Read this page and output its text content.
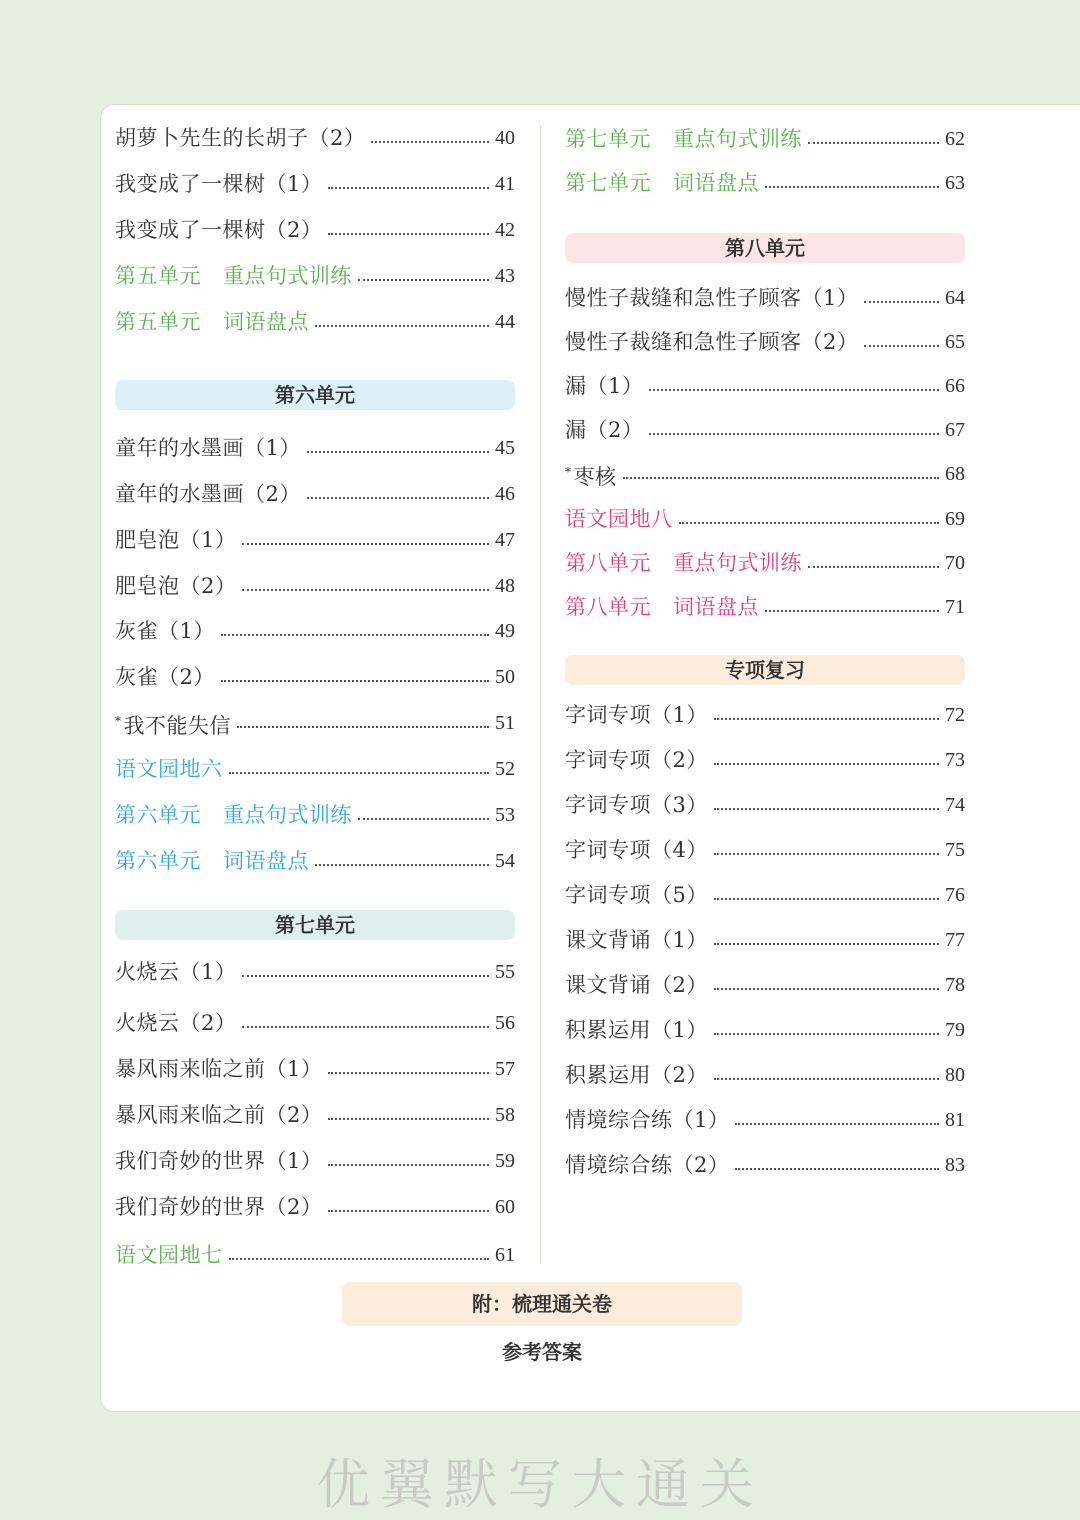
胡萝卜先生的长胡子（2）	40
我变成了一棵树（1）	41
我变成了一棵树（2）	42
第五单元 重点句式训练	43
第五单元 词语盘点	44
第六单元
童年的水墨画（1）	45
童年的水墨画（2）	46
肥皂泡（1）	47
肥皂泡（2）	48
灰雀（1）	49
灰雀（2）	50
*我不能失信	51
语文园地六	52
第六单元 重点句式训练	53
第六单元 词语盘点	54
第七单元
火烧云（1）	55
火烧云（2）	56
暴风雨来临之前（1）	57
暴风雨来临之前（2）	58
我们奇妙的世界（1）	59
我们奇妙的世界（2）	60
语文园地七	61
第七单元 重点句式训练	62
第七单元 词语盘点	63
第八单元
慢性子裁缝和急性子顾客（1）	64
慢性子裁缝和急性子顾客（2）	65
漏（1）	66
漏（2）	67
*枣核	68
语文园地八	69
第八单元 重点句式训练	70
第八单元 词语盘点	71
专项复习
字词专项（1）	72
字词专项（2）	73
字词专项（3）	74
字词专项（4）	75
字词专项（5）	76
课文背诵（1）	77
课文背诵（2）	78
积累运用（1）	79
积累运用（2）	80
情境综合练（1）	81
情境综合练（2）	83
附：梳理通关卷
参考答案
优翼默写大通关
